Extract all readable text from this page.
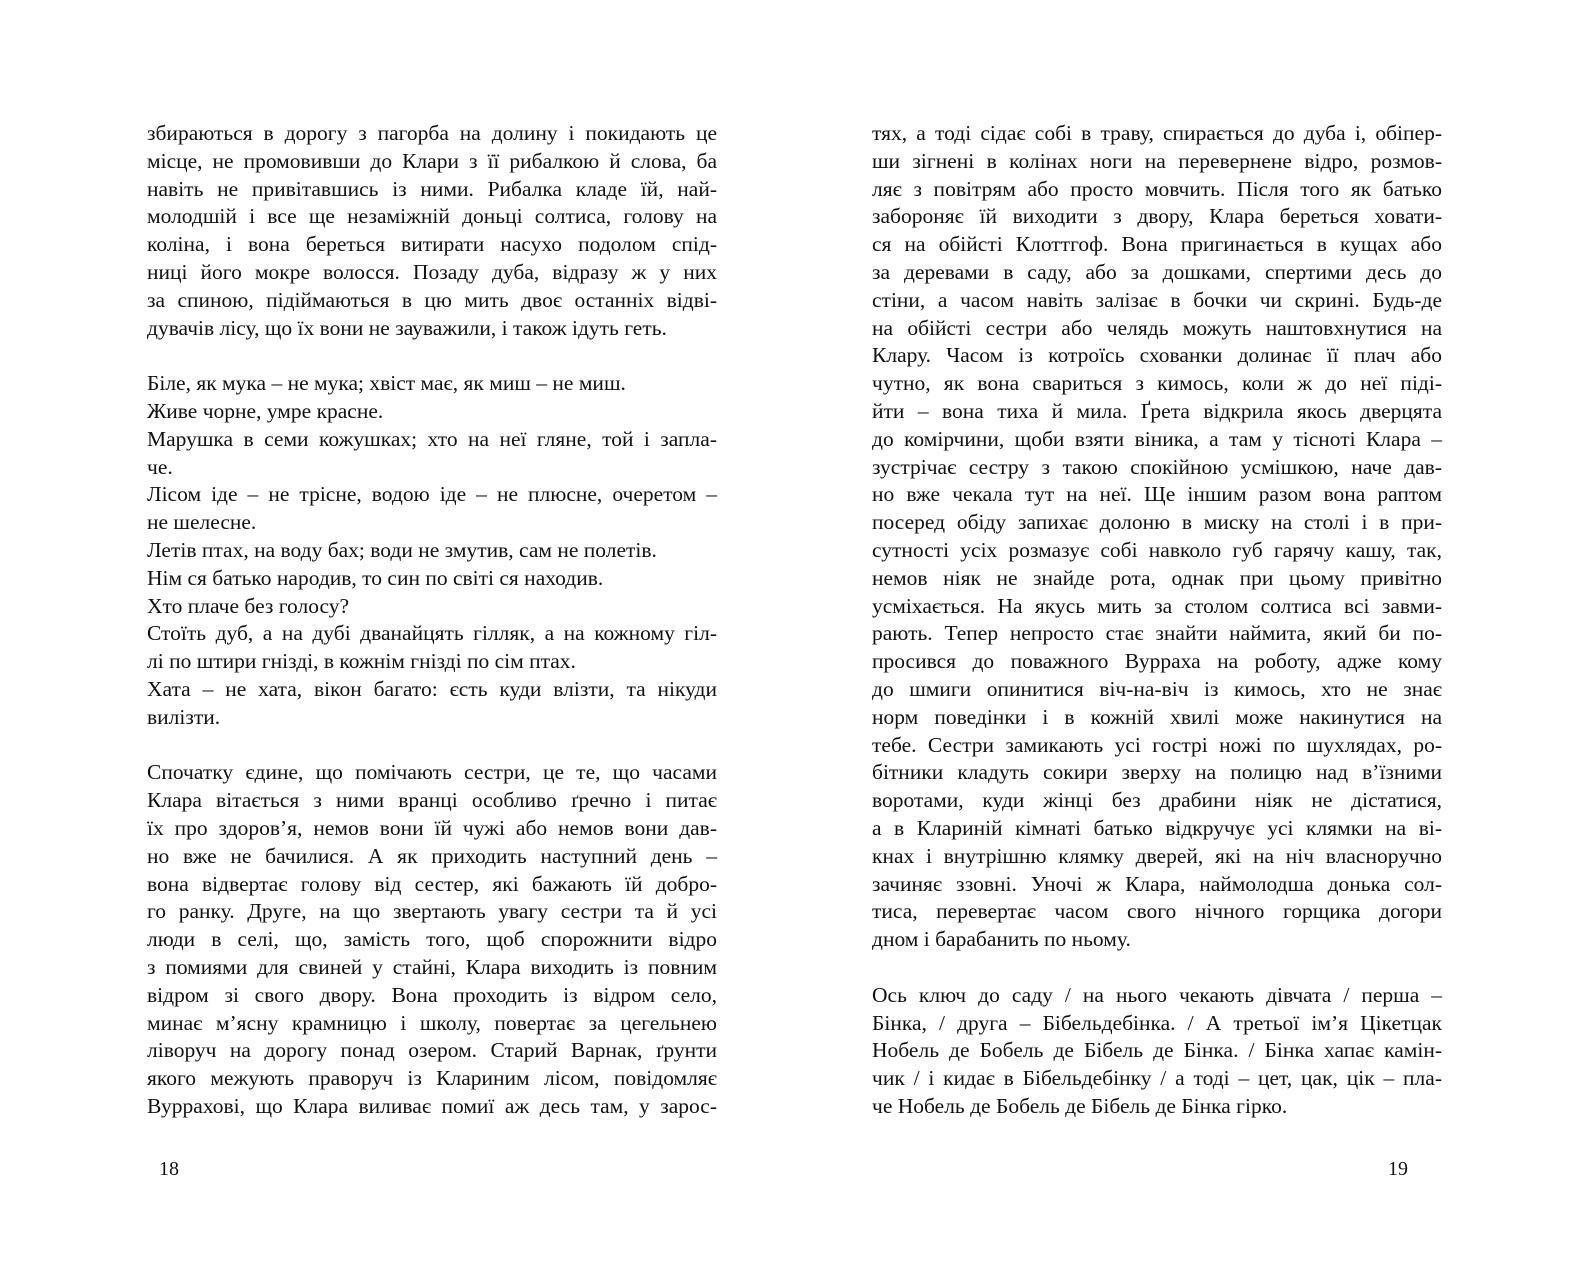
збираються в дорогу з пагорба на долину і покидають це
місце, не промовивши до Клари з її рибалкою й слова, ба
навіть не привітавшись із ними. Рибалка кладе їй, най-
молодшій і все ще незаміжній доньці солтиса, голову на
коліна, і вона береться витирати насухо подолом спід-
ниці його мокре волосся. Позаду дуба, відразу ж у них
за спиною, підіймаються в цю мить двоє останніх відві-
дувачів лісу, що їх вони не зауважили, і також ідуть геть.
Біле, як мука – не мука; хвіст має, як миш – не миш.
Живе чорне, умре красне.
Марушка в семи кожушках; хто на неї гляне, той і запла-
че.
Лісом іде – не трісне, водою іде – не плюсне, очеретом –
не шелесне.
Летів птах, на воду бах; води не змутив, сам не полетів.
Нім ся батько народив, то син по світі ся находив.
Хто плаче без голосу?
Стоїть дуб, а на дубі дванайцять гілляк, а на кожному гіл-
лі по штири гнізді, в кожнім гнізді по сім птах.
Хата – не хата, вікон багато: єсть куди влізти, та нікуди
вилізти.
Спочатку єдине, що помічають сестри, це те, що часами
Клара вітається з ними вранці особливо ґречно і питає
їх про здоров’я, немов вони їй чужі або немов вони дав-
но вже не бачилися. А як приходить наступний день –
вона відвертає голову від сестер, які бажають їй добро-
го ранку. Друге, на що звертають увагу сестри та й усі
люди в селі, що, замість того, щоб спорожнити відро
з помиями для свиней у стайні, Клара виходить із повним
відром зі свого двору. Вона проходить із відром село,
минає м’ясну крамницю і школу, повертає за цегельнею
ліворуч на дорогу понад озером. Старий Варнак, ґрунти
якого межують праворуч із Клариним лісом, повідомляє
Вурраховi, що Клара виливає помиї аж десь там, у зарос-
18
тях, а тоді сідає собі в траву, спирається до дуба і, обіпер-
ши зігнені в колінах ноги на перевернене відро, розмов-
ляє з повітрям або просто мовчить. Після того як батько
забороняє їй виходити з двору, Клара береться ховати-
ся на обійсті Клоттгоф. Вона пригинається в кущах або
за деревами в саду, або за дошками, спертими десь до
стіни, а часом навіть залізає в бочки чи скрині. Будь-де
на обійсті сестри або челядь можуть наштовхнутися на
Клару. Часом із котроїсь схованки долинає її плач або
чутно, як вона свариться з кимось, коли ж до неї піді-
йти – вона тиха й мила. Ґрета відкрила якось дверцята
до комірчини, щоби взяти віника, а там у тісноті Клара –
зустрічає сестру з такою спокійною усмішкою, наче дав-
но вже чекала тут на неї. Ще іншим разом вона раптом
посеред обіду запихає долоню в миску на столі і в при-
сутності усіх розмазує собі навколо губ гарячу кашу, так,
немов ніяк не знайде рота, однак при цьому привітно
усміхається. На якусь мить за столом солтиса всі завми-
рають. Тепер непросто стає знайти наймита, який би по-
просився до поважного Вурраха на роботу, адже кому
до шмиги опинитися віч-на-віч із кимось, хто не знає
норм поведінки і в кожній хвилі може накинутися на
тебе. Сестри замикають усі гострі ножі по шухлядах, ро-
бітники кладуть сокири зверху на полицю над в’їзними
воротами, куди жінці без драбини ніяк не дістатися,
а в Клариній кімнаті батько відкручує усі клямки на ві-
кнах і внутрішню клямку дверей, які на ніч власноручно
зачиняє ззовні. Уночі ж Клара, наймолодша донька сол-
тиса, перевертає часом свого нічного горщика догори
дном і барабанить по ньому.
Ось ключ до саду / на нього чекають дівчата / перша –
Бінка, / друга – Бібельдебінка. / А третьої ім’я Цікетцак
Нобель де Бобель де Бібель де Бінка. / Бінка хапає камін-
чик / і кидає в Бібельдебінку / а тоді – цет, цак, цік – пла-
че Нобель де Бобель де Бібель де Бінка гірко.
19
